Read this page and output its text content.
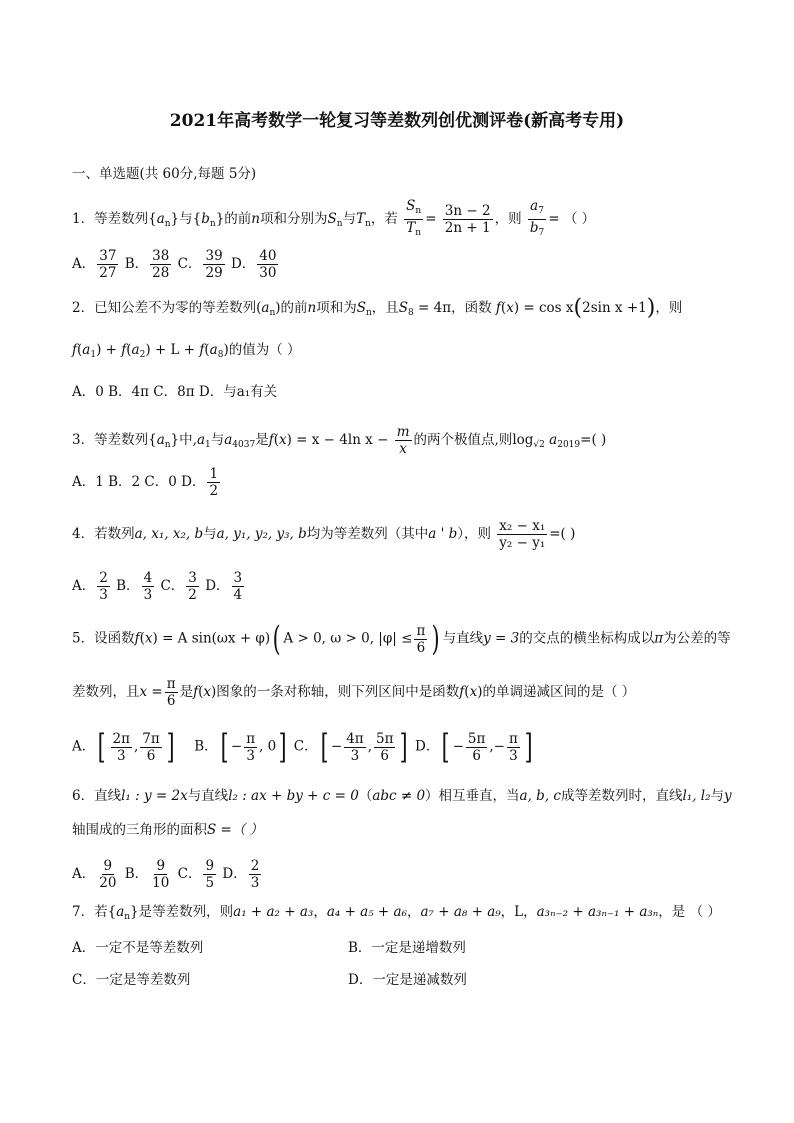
2021年高考数学一轮复习等差数列创优测评卷(新高考专用)
一、单选题(共 60分,每题 5分)
1．等差数列$\{a_n\}$与$\{b_n\}$的前n项和分别为$S_n$与$T_n$，若 $\frac{S_n}{T_n} = \frac{3n - 2}{2n + 1}$ ，则 $\frac{a_7}{b_7}$ = （ ）
A． $\frac{37}{27}$ B． $\frac{38}{28}$ C． $\frac{39}{29}$ D． $\frac{40}{30}$
2．已知公差不为零的等差数列$(a_n)$的前n项和为$S_n$，且$S_8 = 4\pi$，函数 f(x) = cos x(2sin x +1)，则
$f(a_1) + f(a_2) + L + f(a_8)$的值为（ ）
A．0 B．4π C．8π D．与a₁有关
3．等差数列$\{a_n\}$中$,a_1$与$a_{4037}$是f(x) = x − 4ln $x - \frac{m}{x}$ 的两个极值点,则$\log_{√2} a_{2019}=$( )
A．1 B．2 C．0 D． $\frac{1}{2}$
4．若数列a, x₁, x₂, b与a, y₁, y₂, y₃, b均为等差数列（其中a ' b），则 $\frac{\text{x₂ − x₁}}{\text{y₂ − y₁}}$ =( )
A． $\frac{2}{3}$ B． $\frac{4}{3}$ C． $\frac{3}{2}$ D． $\frac{3}{4}$
5．设函数f(x) = A sin(ωx + φ)( A > 0, ω > 0, $|\varphi| \le \frac{\pi}{6}$ ) 与直线y = 3的交点的横坐标构成以π为公差的等
差数列，且$x = \frac{\pi}{6}$ 是f(x)图象的一条对称轴，则下列区间中是函数f(x)的单调递减区间的是（ ）
A．[ $\frac{2\pi}{3}$ , $\frac{7\pi}{6}$ ] B．[ − $\frac{\pi}{3}$ , 0] C．[ − $\frac{4\pi}{3}$ , $\frac{5\pi}{6}$ ] D．[ − $\frac{5\pi}{6}$ ,− $\frac{\pi}{3}$ ]
6．直线l₁ : y = 2x与直线l₂ : ax + by + c = 0（abc ≠ 0）相互垂直，当a, b, c成等差数列时，直线l₁, l₂与y
轴围成的三角形的面积S =（ ）
A． $\frac{9}{20}$ B． $\frac{9}{10}$ C． $\frac{9}{5}$ D． $\frac{2}{3}$
7．若$\{a_n\}$是等差数列，则a₁ + a₂ + a₃，a₄ + a₅ + a₆，a₇ + a₈ + a₉，L，a₃ₙ₋₂ + a₃ₙ₋₁ + a₃ₙ，是 （ ）
A．一定不是等差数列	B．一定是递增数列
C．一定是等差数列	D．一定是递减数列
